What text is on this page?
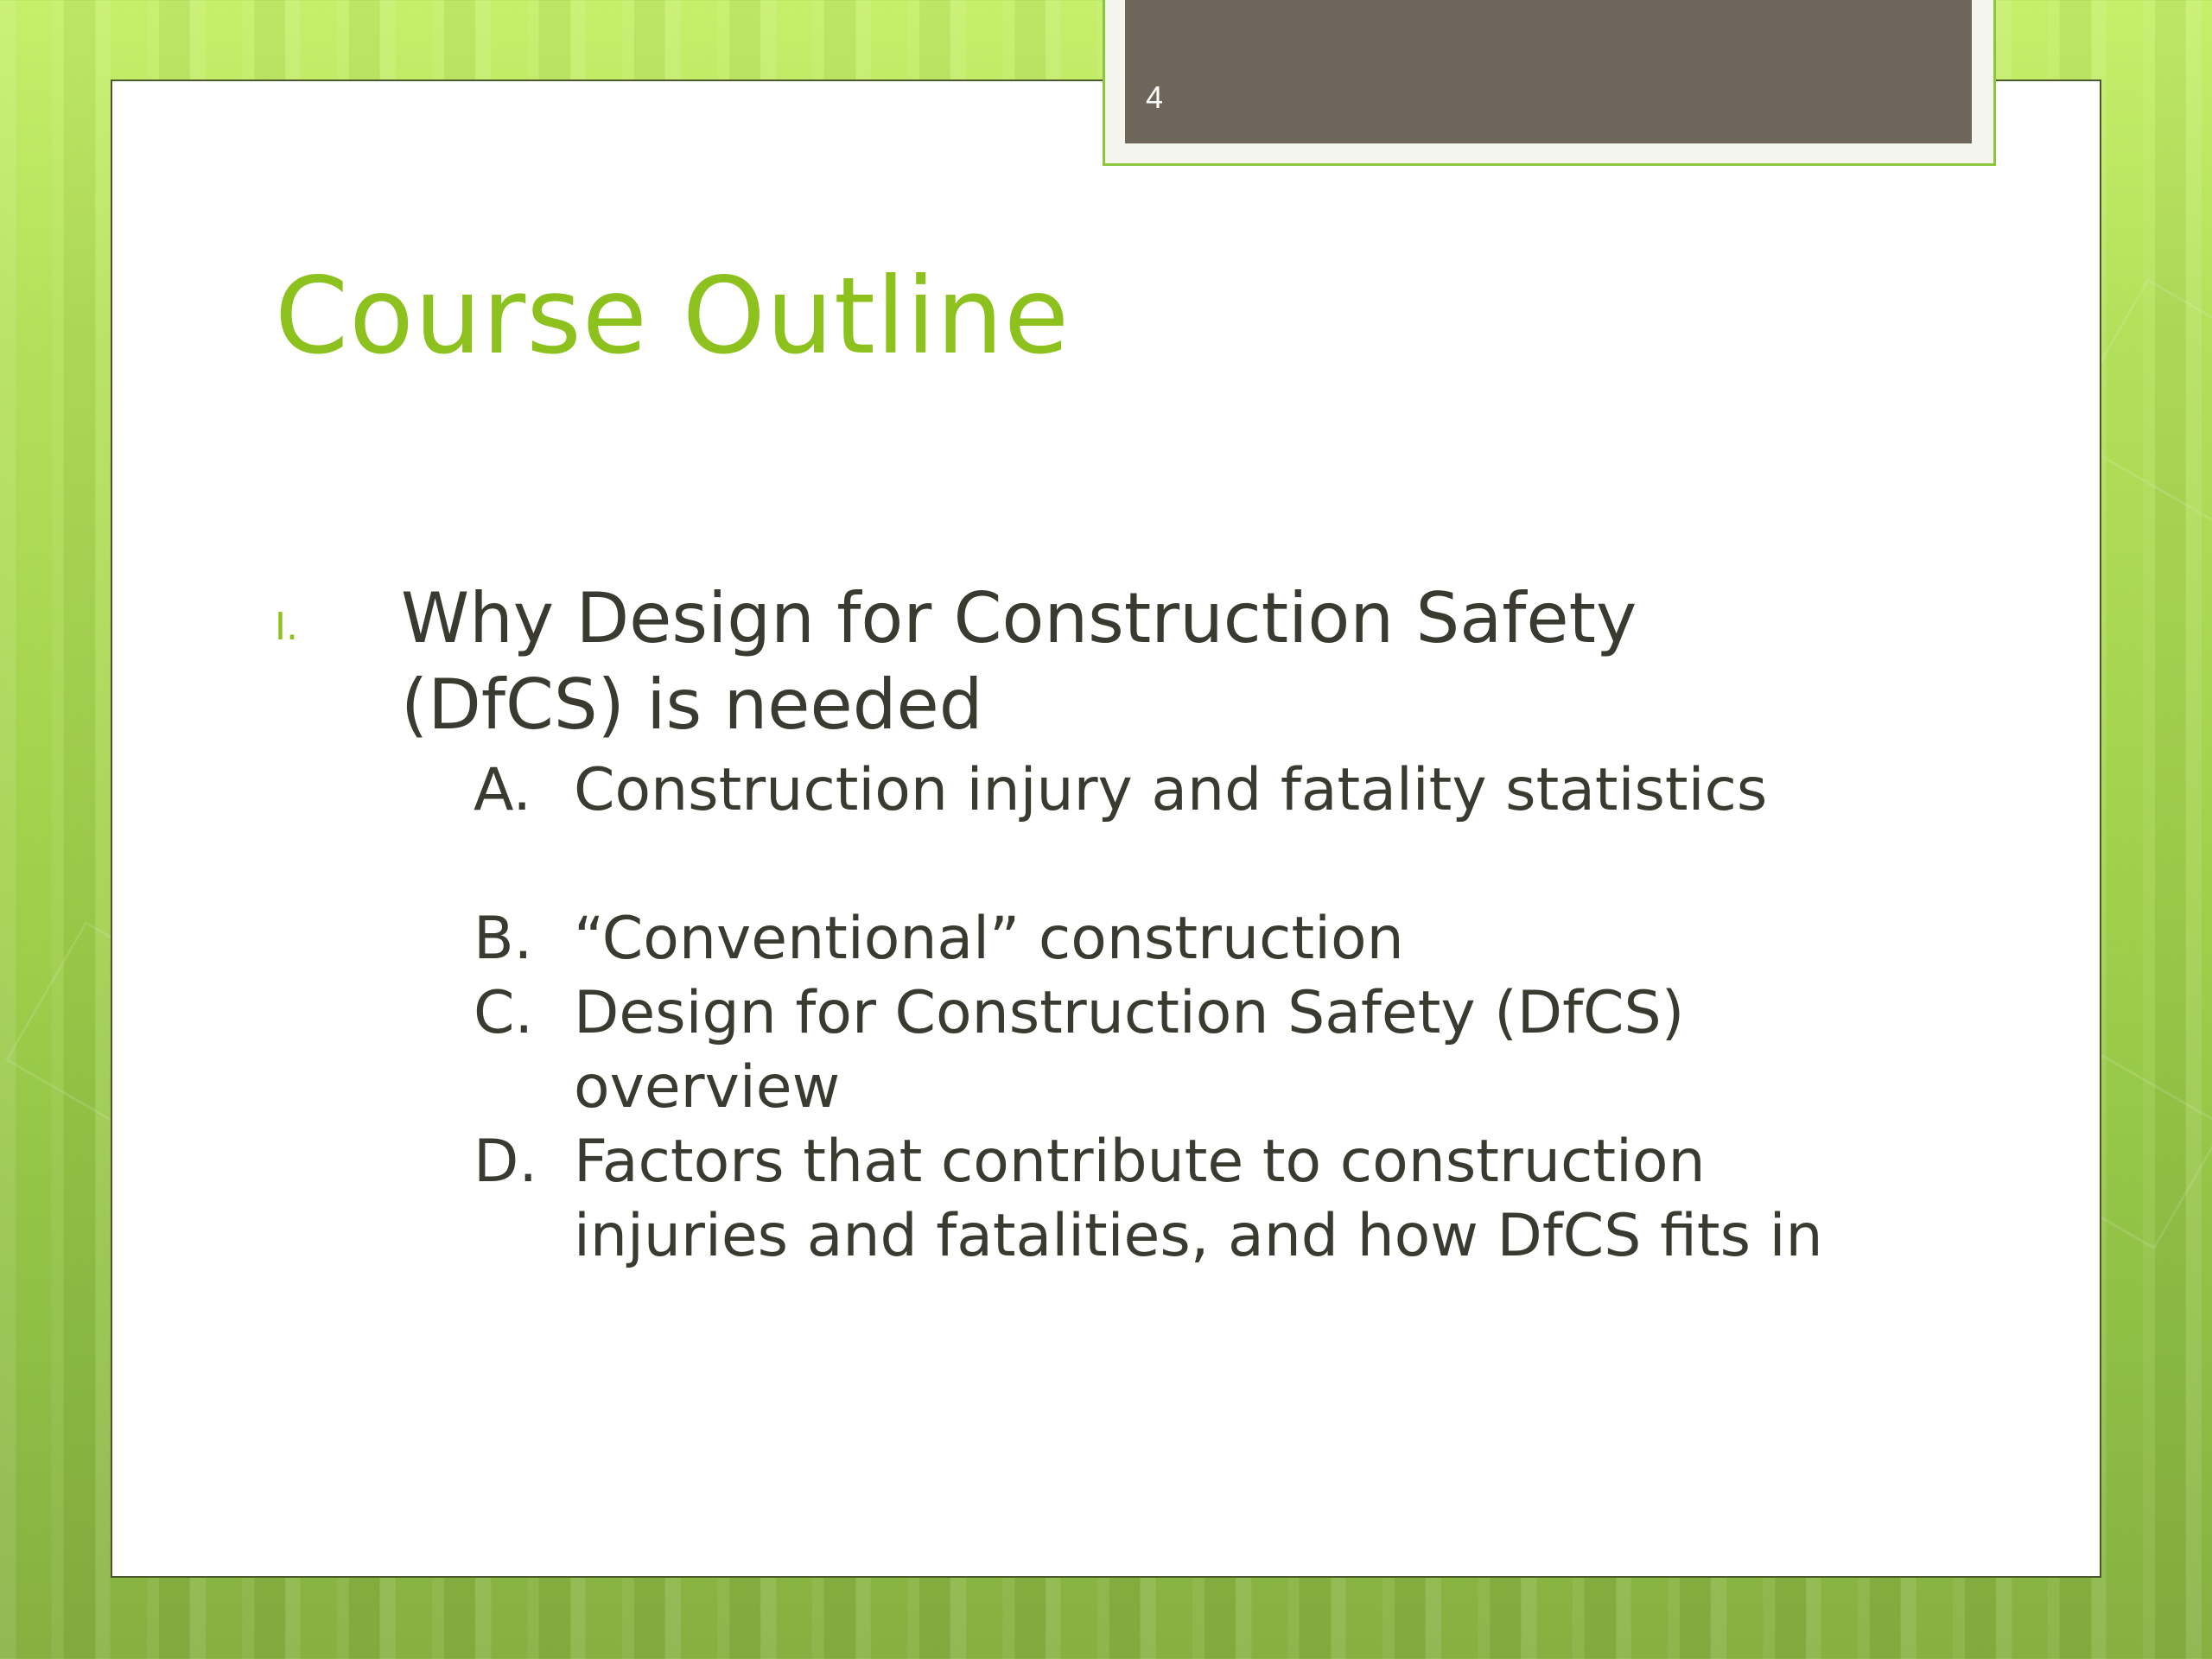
4
Course Outline
I. Why Design for Construction Safety (DfCS) is needed
A. Construction injury and fatality statistics
B. “Conventional” construction
C. Design for Construction Safety (DfCS) overview
D. Factors that contribute to construction injuries and fatalities, and how DfCS fits in
